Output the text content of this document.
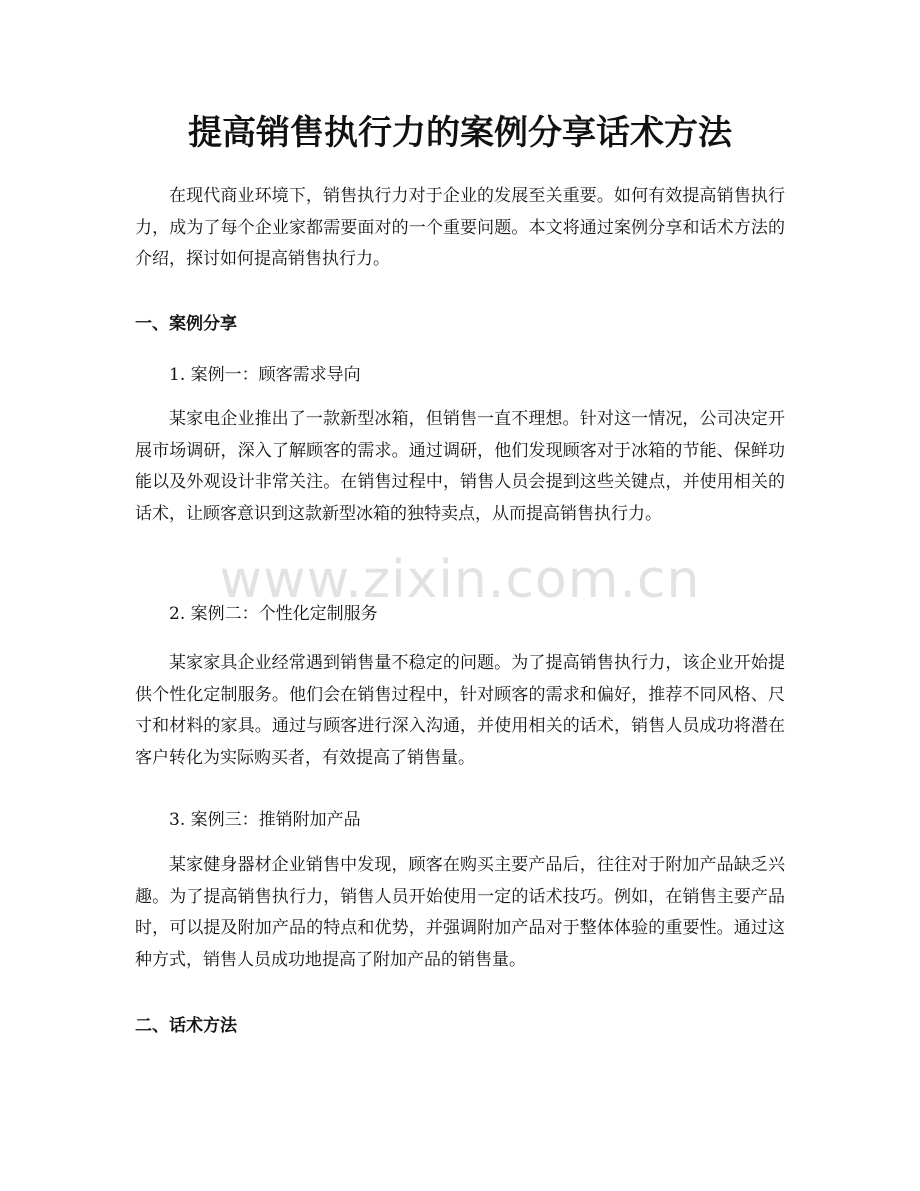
提高销售执行力的案例分享话术方法

在现代商业环境下，销售执行力对于企业的发展至关重要。如何有效提高销售执行力，成为了每个企业家都需要面对的一个重要问题。本文将通过案例分享和话术方法的介绍，探讨如何提高销售执行力。

一、案例分享

1. 案例一：顾客需求导向

某家电企业推出了一款新型冰箱，但销售一直不理想。针对这一情况，公司决定开展市场调研，深入了解顾客的需求。通过调研，他们发现顾客对于冰箱的节能、保鲜功能以及外观设计非常关注。在销售过程中，销售人员会提到这些关键点，并使用相关的话术，让顾客意识到这款新型冰箱的独特卖点，从而提高销售执行力。

2. 案例二：个性化定制服务

某家家具企业经常遇到销售量不稳定的问题。为了提高销售执行力，该企业开始提供个性化定制服务。他们会在销售过程中，针对顾客的需求和偏好，推荐不同风格、尺寸和材料的家具。通过与顾客进行深入沟通，并使用相关的话术，销售人员成功将潜在客户转化为实际购买者，有效提高了销售量。

3. 案例三：推销附加产品

某家健身器材企业销售中发现，顾客在购买主要产品后，往往对于附加产品缺乏兴趣。为了提高销售执行力，销售人员开始使用一定的话术技巧。例如，在销售主要产品时，可以提及附加产品的特点和优势，并强调附加产品对于整体体验的重要性。通过这种方式，销售人员成功地提高了附加产品的销售量。

二、话术方法
www.zixin.com.cn
